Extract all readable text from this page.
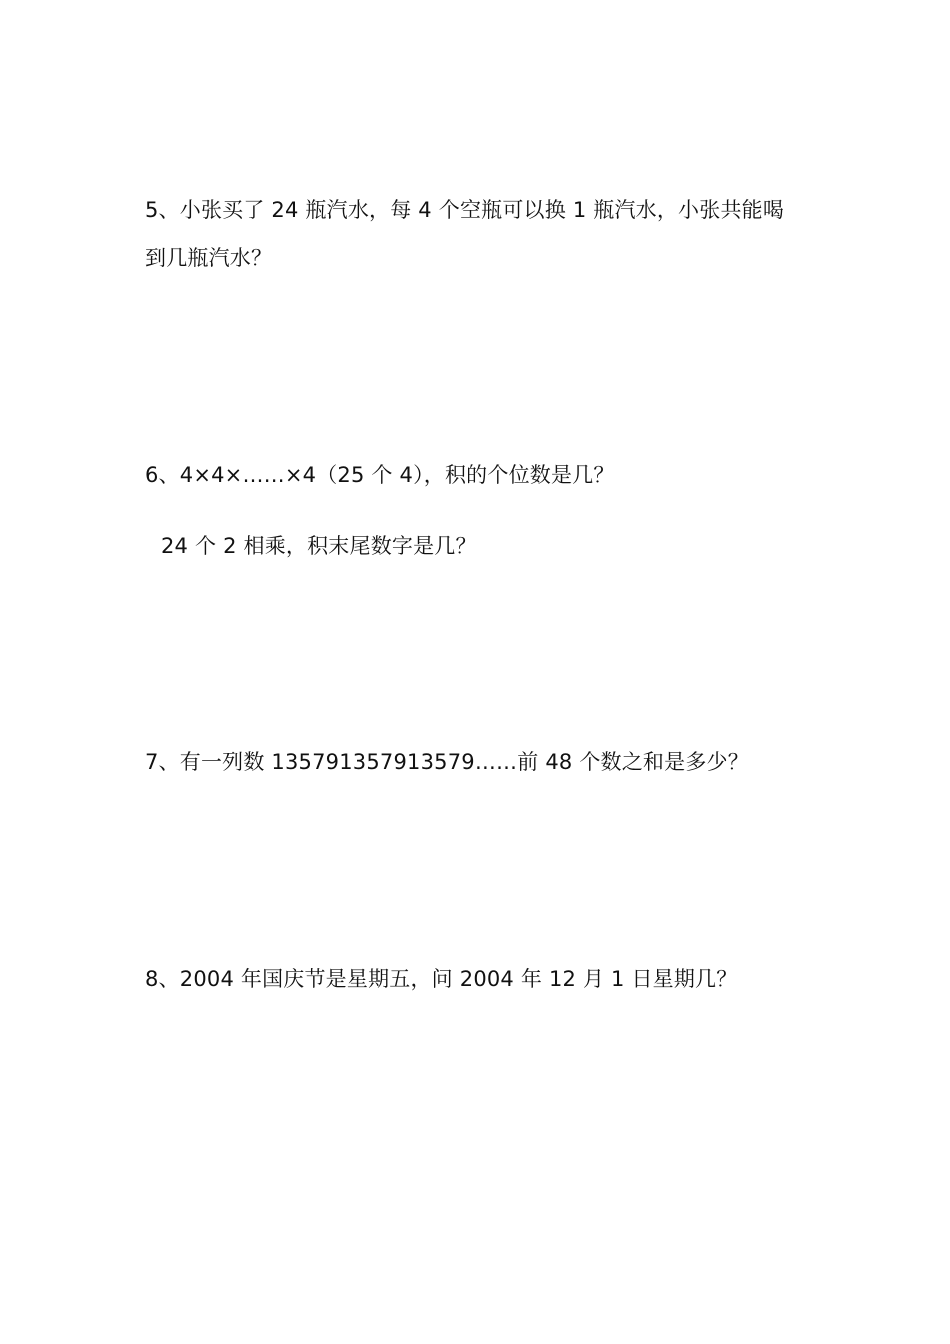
5、小张买了 24 瓶汽水，每 4 个空瓶可以换 1 瓶汽水，小张共能喝
到几瓶汽水？
6、4×4×……×4（25 个 4），积的个位数是几？
24 个 2 相乘，积末尾数字是几？
7、有一列数 135791357913579……前 48 个数之和是多少？
8、2004 年国庆节是星期五，问 2004 年 12 月 1 日星期几？
